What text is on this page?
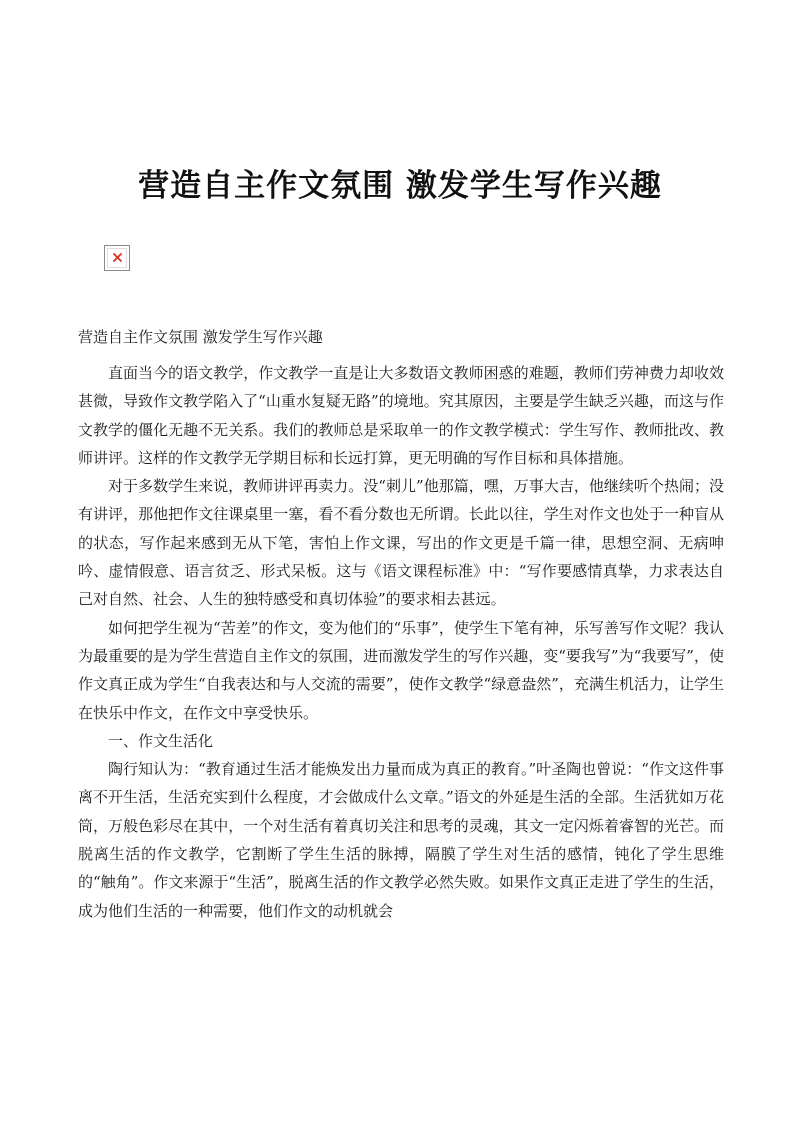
营造自主作文氛围 激发学生写作兴趣

营造自主作文氛围 激发学生写作兴趣

直面当今的语文教学，作文教学一直是让大多数语文教师困惑的难题，教师们劳神费力却收效甚微，导致作文教学陷入了“山重水复疑无路”的境地。究其原因，主要是学生缺乏兴趣，而这与作文教学的僵化无趣不无关系。我们的教师总是采取单一的作文教学模式：学生写作、教师批改、教师讲评。这样的作文教学无学期目标和长远打算，更无明确的写作目标和具体措施。

对于多数学生来说，教师讲评再卖力。没“刺儿”他那篇，嘿，万事大吉，他继续听个热闹；没有讲评，那他把作文往课桌里一塞，看不看分数也无所谓。长此以往，学生对作文也处于一种盲从的状态，写作起来感到无从下笔，害怕上作文课，写出的作文更是千篇一律，思想空洞、无病呻吟、虚情假意、语言贫乏、形式呆板。这与《语文课程标准》中：“写作要感情真挚，力求表达自己对自然、社会、人生的独特感受和真切体验”的要求相去甚远。

如何把学生视为“苦差”的作文，变为他们的“乐事”，使学生下笔有神，乐写善写作文呢？我认为最重要的是为学生营造自主作文的氛围，进而激发学生的写作兴趣，变“要我写”为“我要写”，使作文真正成为学生“自我表达和与人交流的需要”，使作文教学“绿意盎然”，充满生机活力，让学生在快乐中作文，在作文中享受快乐。

一、作文生活化

陶行知认为：“教育通过生活才能焕发出力量而成为真正的教育。”叶圣陶也曾说：“作文这件事离不开生活，生活充实到什么程度，才会做成什么文章。”语文的外延是生活的全部。生活犹如万花筒，万般色彩尽在其中，一个对生活有着真切关注和思考的灵魂，其文一定闪烁着睿智的光芒。而脱离生活的作文教学，它割断了学生生活的脉搏，隔膜了学生对生活的感情，钝化了学生思维的“触角”。作文来源于“生活”，脱离生活的作文教学必然失败。如果作文真正走进了学生的生活，成为他们生活的一种需要，他们作文的动机就会
